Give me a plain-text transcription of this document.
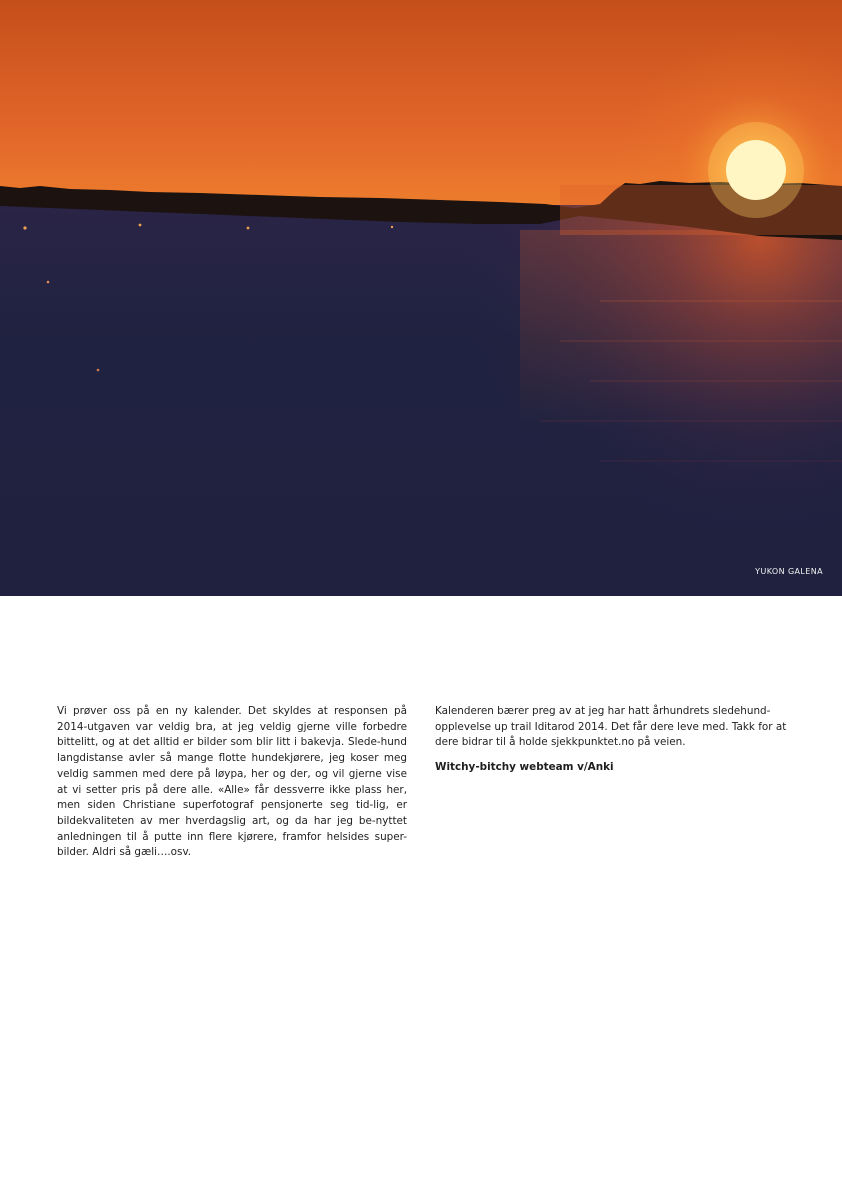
YUKON GALENA

Vi prøver oss på en ny kalender. Det skyldes at responsen på 2014-utgaven var veldig bra, at jeg veldig gjerne ville forbedre bittelitt, og at det alltid er bilder som blir litt i bakevja. Slede-hund langdistanse avler så mange flotte hundekjørere, jeg koser meg veldig sammen med dere på løypa, her og der, og vil gjerne vise at vi setter pris på dere alle. «Alle» får dessverre ikke plass her, men siden Christiane superfotograf pensjonerte seg tid-lig, er bildekvaliteten av mer hverdagslig art, og da har jeg be-nyttet anledningen til å putte inn flere kjørere, framfor helsides super-bilder. Aldri så gæli….osv.

Kalenderen bærer preg av at jeg har hatt århundrets sledehund-opplevelse up trail Iditarod 2014. Det får dere leve med. Takk for at dere bidrar til å holde sjekkpunktet.no på veien.

Witchy-bitchy webteam v/Anki
